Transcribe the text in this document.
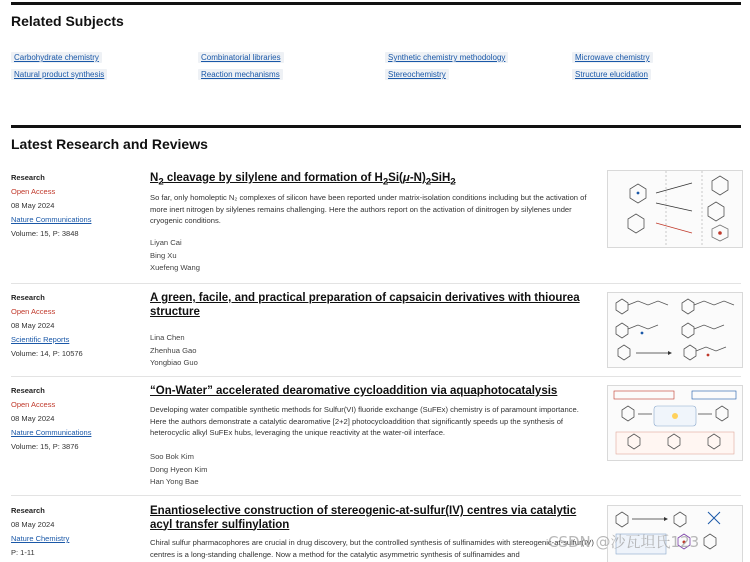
Related Subjects
Carbohydrate chemistry	Combinatorial libraries	Synthetic chemistry methodology	Microwave chemistry
Natural product synthesis	Reaction mechanisms	Stereochemistry	Structure elucidation
Latest Research and Reviews
Research
Open Access
08 May 2024
Nature Communications
Volume: 15, P: 3848
$N_2$ cleavage by silylene and formation of $H_2Si(\mu-N)_2SiH_2$
So far, only homoleptic N₂ complexes of silicon have been reported under matrix-isolation conditions including but the activation of more inert nitrogen by silylenes remains challenging. Here the authors report on the activation of dinitrogen by silylenes under cryogenic conditions.
Liyan Cai
Bing Xu
Xuefeng Wang
Research
Open Access
08 May 2024
Scientific Reports
Volume: 14, P: 10576
A green, facile, and practical preparation of capsaicin derivatives with thiourea structure
Lina Chen
Zhenhua Gao
Yongbiao Guo
Research
Open Access
08 May 2024
Nature Communications
Volume: 15, P: 3876
“On-Water” accelerated dearomative cycloaddition via aquaphotocatalysis
Developing water compatible synthetic methods for Sulfur(VI) fluoride exchange (SuFEx) chemistry is of paramount importance. Here the authors demonstrate a catalytic dearomative [2+2] photocycloaddition that significantly speeds up the synthesis of heterocyclic alkyl SuFEx hubs, leveraging the unique reactivity at the water-oil interface.
Soo Bok Kim
Dong Hyeon Kim
Han Yong Bae
Research
08 May 2024
Nature Chemistry
P: 1-11
Enantioselective construction of stereogenic-at-sulfur(IV) centres via catalytic acyl transfer sulfinylation
Chiral sulfur pharmacophores are crucial in drug discovery, but the controlled synthesis of sulfinamides with stereogenic-at-sulfur(IV) centres is a long-standing challenge. Now a method for the catalytic asymmetric synthesis of sulfinamides and
CSDN @沙瓦坦氏123
